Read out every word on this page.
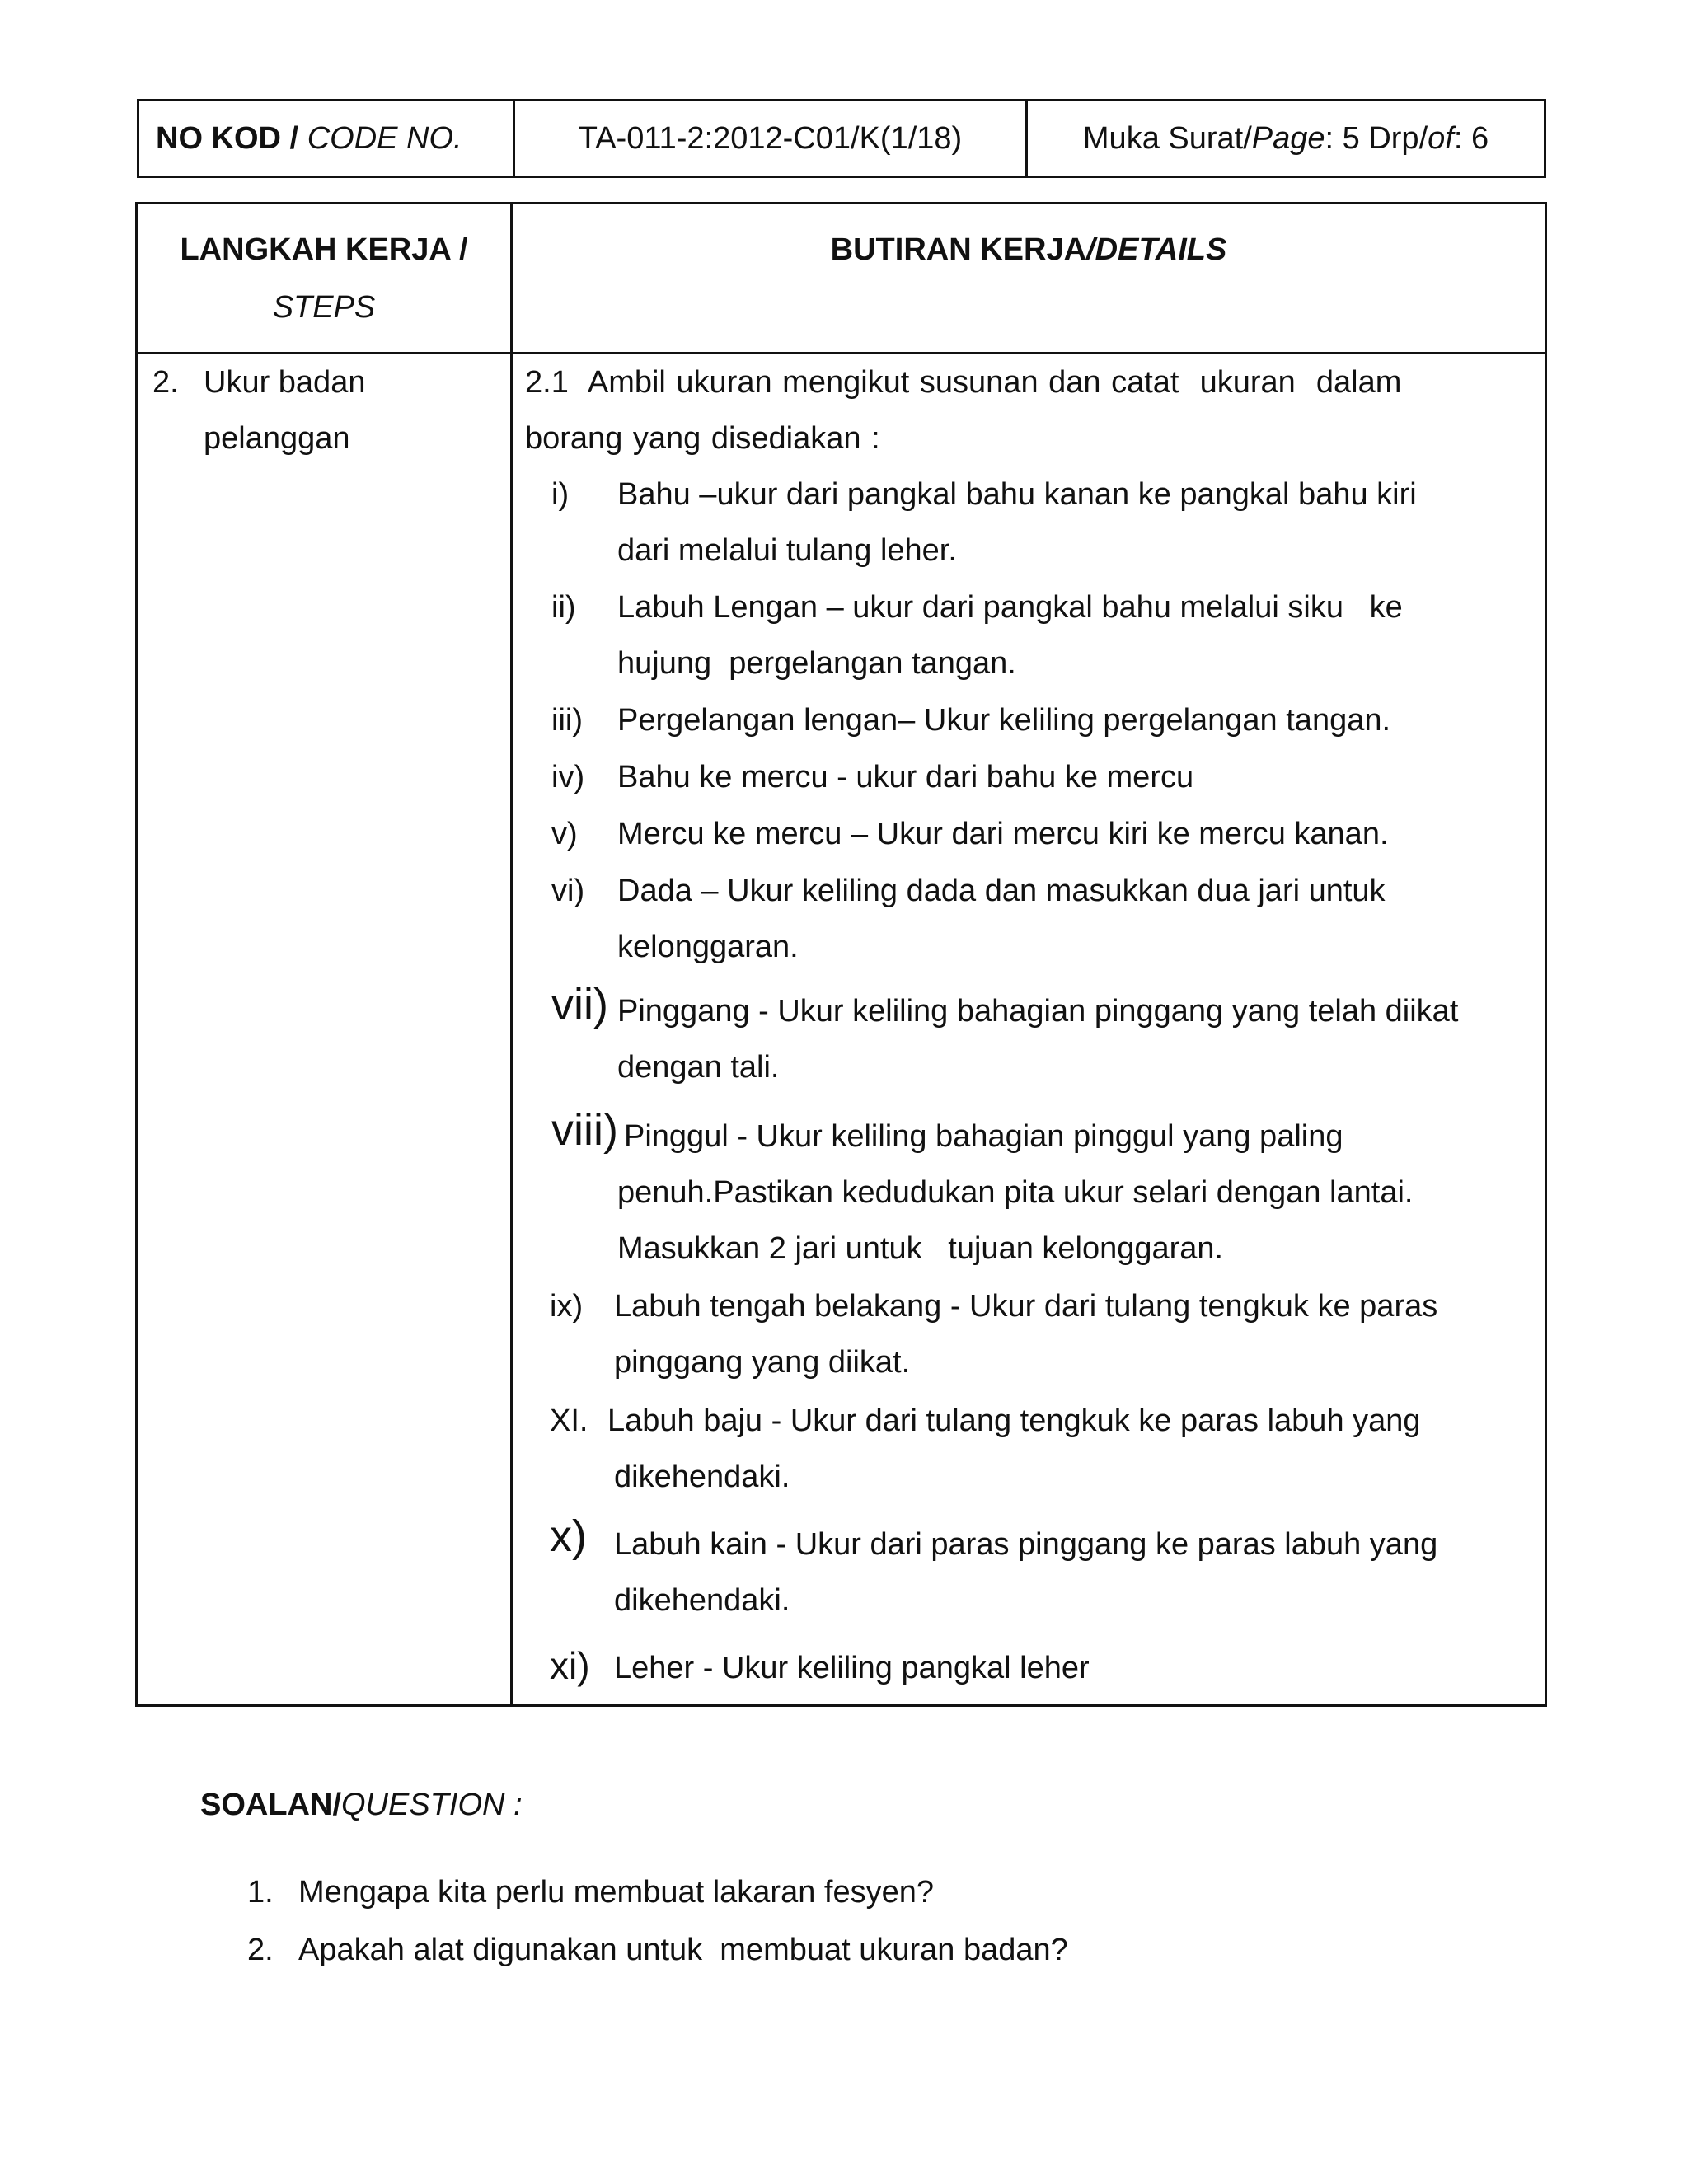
NO KOD /
CODE NO.	TA-011-2:2012-C01/K(1/18)	Muka Surat/ Page : 5 Drp/ of : 6
LANGKAH KERJA /
STEPS
BUTIRAN KERJA/DETAILS
2. Ukur badan
pelanggan
2.1  Ambil ukuran mengikut susunan dan catat  ukuran  dalam
borang yang disediakan :
i) Bahu –ukur dari pangkal bahu kanan ke pangkal bahu kiri
dari melalui tulang leher.
ii) Labuh Lengan – ukur dari pangkal bahu melalui siku   ke
hujung  pergelangan tangan.
iii) Pergelangan lengan– Ukur keliling pergelangan tangan.
iv) Bahu ke mercu - ukur dari bahu ke mercu
v) Mercu ke mercu – Ukur dari mercu kiri ke mercu kanan.
vi) Dada – Ukur keliling dada dan masukkan dua jari untuk
kelonggaran.
vii) Pinggang - Ukur keliling bahagian pinggang yang telah diikat
dengan tali.
viii) Pinggul - Ukur keliling bahagian pinggul yang paling
penuh.Pastikan kedudukan pita ukur selari dengan lantai.
Masukkan 2 jari untuk   tujuan kelonggaran.
ix) Labuh tengah belakang - Ukur dari tulang tengkuk ke paras
pinggang yang diikat.
XI. Labuh baju - Ukur dari tulang tengkuk ke paras labuh yang
dikehendaki.
x) Labuh kain - Ukur dari paras pinggang ke paras labuh yang
dikehendaki.
xi) Leher - Ukur keliling pangkal leher
SOALAN/QUESTION :
1. Mengapa kita perlu membuat lakaran fesyen?
2. Apakah alat digunakan untuk  membuat ukuran badan?
